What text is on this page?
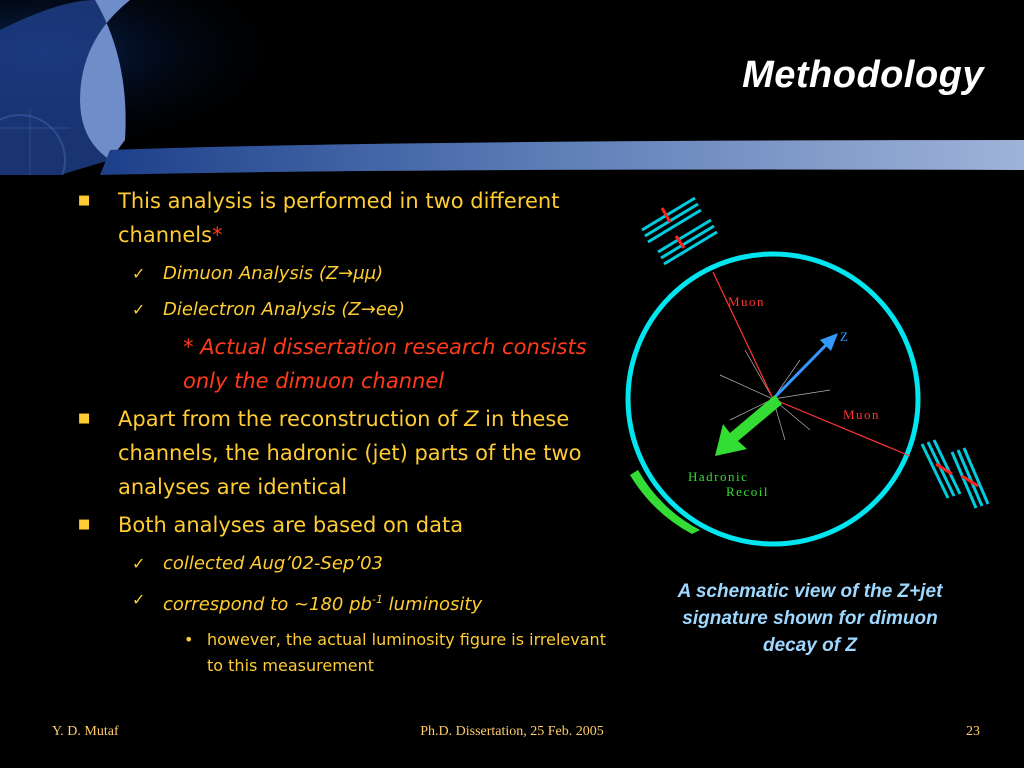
Methodology
■ This analysis is performed in two different channels*
✓ Dimuon Analysis (Z→μμ)
✓ Dielectron Analysis (Z→ee)
* Actual dissertation research consists only the dimuon channel
■ Apart from the reconstruction of Z in these channels, the hadronic (jet) parts of the two analyses are identical
■ Both analyses are based on data
✓ collected Aug’02-Sep’03
✓ correspond to ~180 $pb^{-1}$ luminosity
• however, the actual luminosity figure is irrelevant to this measurement
Muon
Muon
Z
Hadronic
Recoil
A schematic view of the Z+jet signature shown for dimuon decay of Z
Y. D. Mutaf	Ph.D. Dissertation, 25 Feb. 2005	23
